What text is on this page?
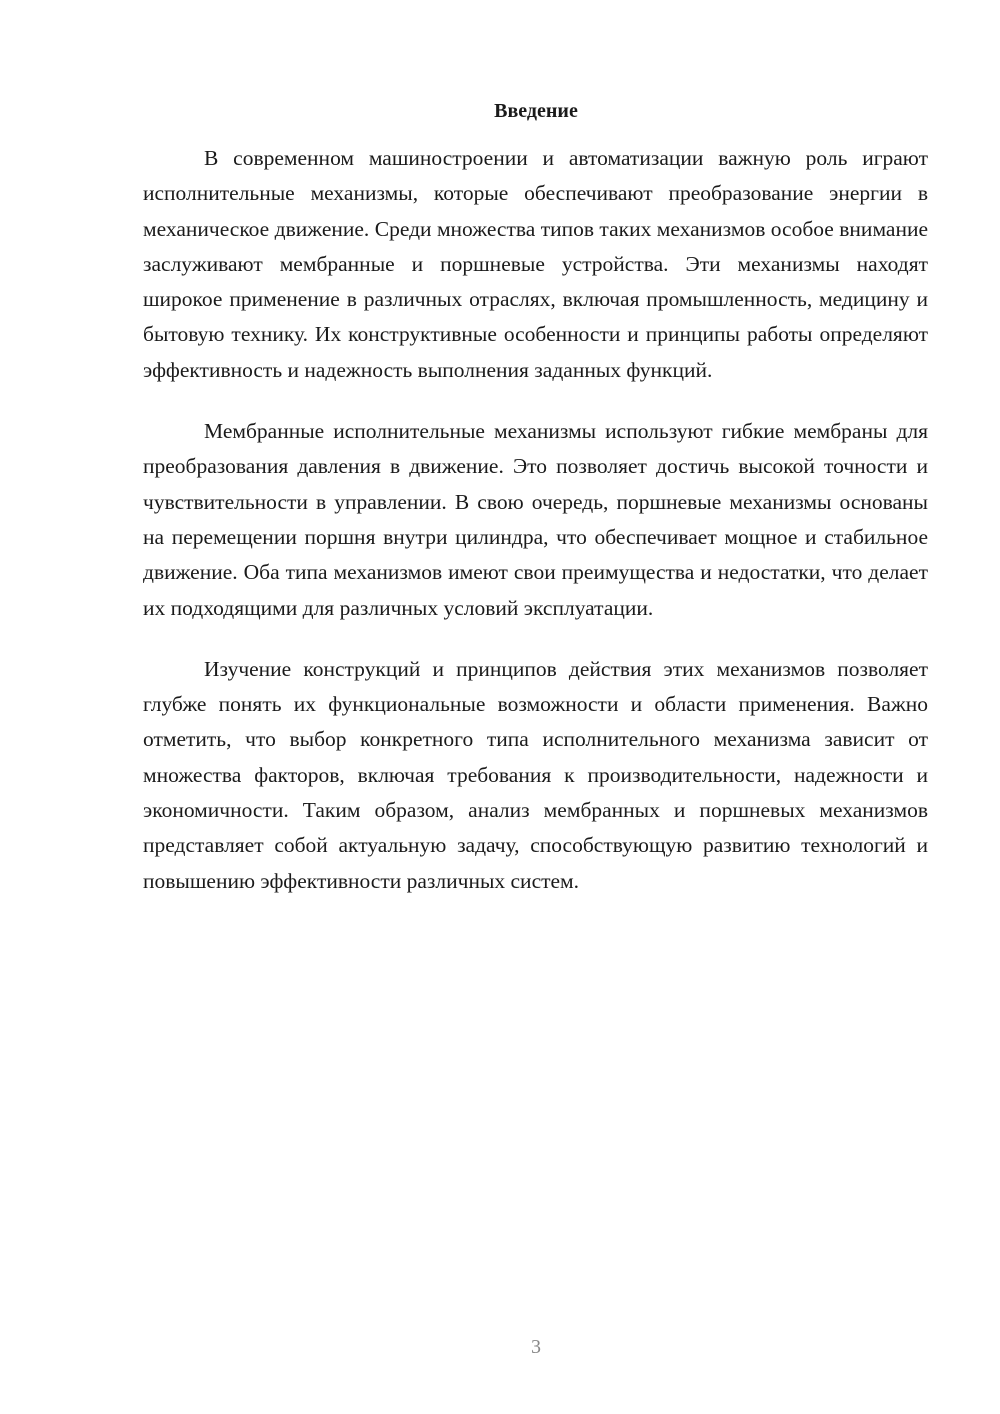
Введение

В современном машиностроении и автоматизации важную роль играют исполнительные механизмы, которые обеспечивают преобразование энергии в механическое движение. Среди множества типов таких механизмов особое внимание заслуживают мембранные и поршневые устройства. Эти механизмы находят широкое применение в различных отраслях, включая промышленность, медицину и бытовую технику. Их конструктивные особенности и принципы работы определяют эффективность и надежность выполнения заданных функций.

Мембранные исполнительные механизмы используют гибкие мембраны для преобразования давления в движение. Это позволяет достичь высокой точности и чувствительности в управлении. В свою очередь, поршневые механизмы основаны на перемещении поршня внутри цилиндра, что обеспечивает мощное и стабильное движение. Оба типа механизмов имеют свои преимущества и недостатки, что делает их подходящими для различных условий эксплуатации.

Изучение конструкций и принципов действия этих механизмов позволяет глубже понять их функциональные возможности и области применения. Важно отметить, что выбор конкретного типа исполнительного механизма зависит от множества факторов, включая требования к производительности, надежности и экономичности. Таким образом, анализ мембранных и поршневых механизмов представляет собой актуальную задачу, способствующую развитию технологий и повышению эффективности различных систем.

3
